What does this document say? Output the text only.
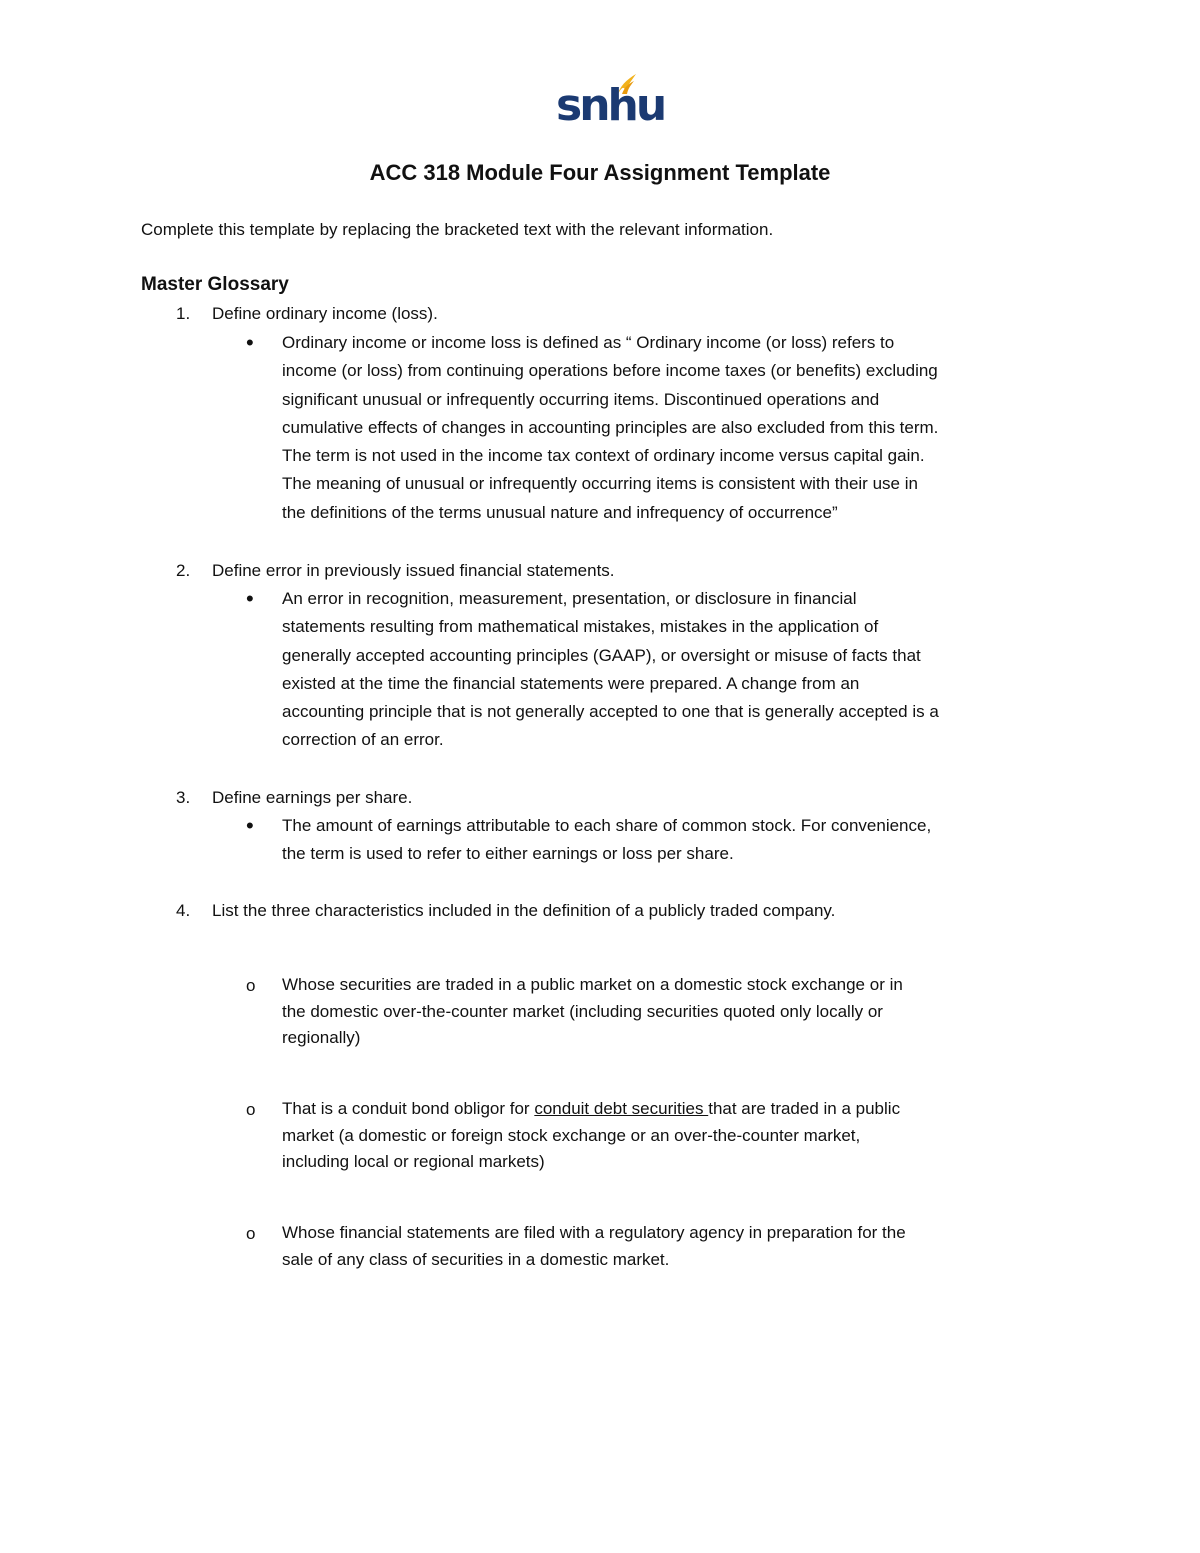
snhu
ACC 318 Module Four Assignment Template
Complete this template by replacing the bracketed text with the relevant information.
Master Glossary
1. Define ordinary income (loss).
• Ordinary income or income loss is defined as “ Ordinary income (or loss) refers to
income (or loss) from continuing operations before income taxes (or benefits) excluding
significant unusual or infrequently occurring items. Discontinued operations and
cumulative effects of changes in accounting principles are also excluded from this term.
The term is not used in the income tax context of ordinary income versus capital gain.
The meaning of unusual or infrequently occurring items is consistent with their use in
the definitions of the terms unusual nature and infrequency of occurrence”
2. Define error in previously issued financial statements.
• An error in recognition, measurement, presentation, or disclosure in financial
statements resulting from mathematical mistakes, mistakes in the application of
generally accepted accounting principles (GAAP), or oversight or misuse of facts that
existed at the time the financial statements were prepared. A change from an
accounting principle that is not generally accepted to one that is generally accepted is a
correction of an error.
3. Define earnings per share.
• The amount of earnings attributable to each share of common stock. For convenience,
the term is used to refer to either earnings or loss per share.
4. List the three characteristics included in the definition of a publicly traded company.
o Whose securities are traded in a public market on a domestic stock exchange or in
the domestic over-the-counter market (including securities quoted only locally or
regionally)
o That is a conduit bond obligor for conduit debt securities that are traded in a public
market (a domestic or foreign stock exchange or an over-the-counter market,
including local or regional markets)
o Whose financial statements are filed with a regulatory agency in preparation for the
sale of any class of securities in a domestic market.
